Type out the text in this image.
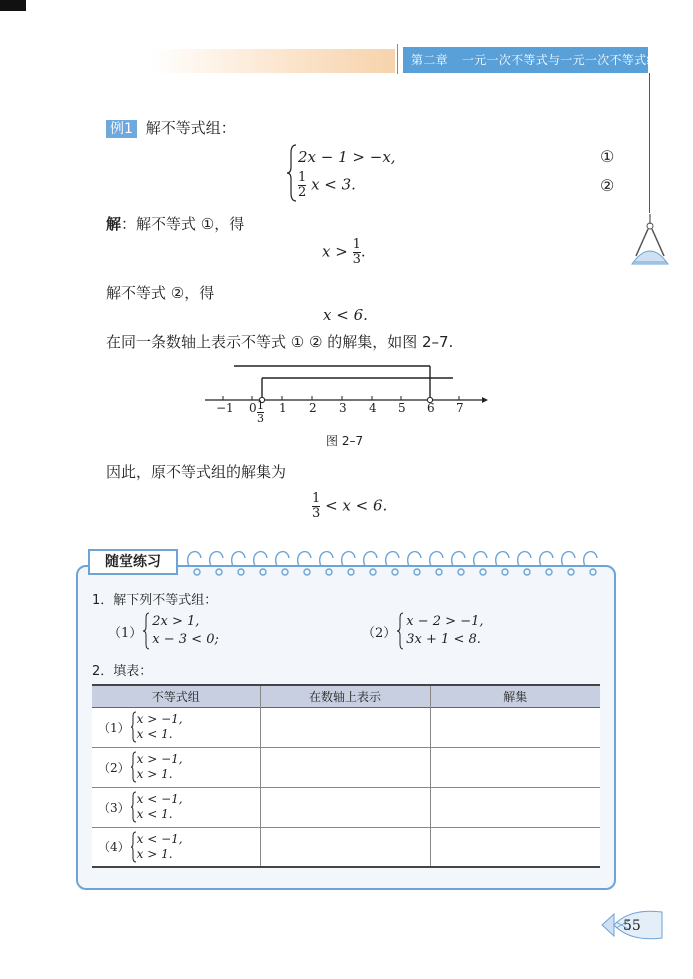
第二章 一元一次不等式与一元一次不等式组
例1 解不等式组：
2x − 1 > −x,	①
$\frac{1}{2}$ x < 3.	②
解：解不等式 ①，得
$x > \frac{1}{3}$ .
解不等式 ②，得
x < 6.
在同一条数轴上表示不等式 ① ② 的解集，如图 2–7.
−1 $0 \frac{1}{3} 1$ 2 3 4 5 6 7
图 2–7
因此，原不等式组的解集为
$\frac{1}{3} < x < 6$.
随堂练习
1．解下列不等式组：
（1）
2x > 1,
x − 3 < 0;	（2）
x − 2 > −1,
3x + 1 < 8.
2．填表：
不等式组	在数轴上表示	解集

（1）
x > −1,
x < 1.		

（2）
x > −1,
x > 1.		

（3）
x < −1,
x < 1.		

（4）
x < −1,
x > 1.		

55
